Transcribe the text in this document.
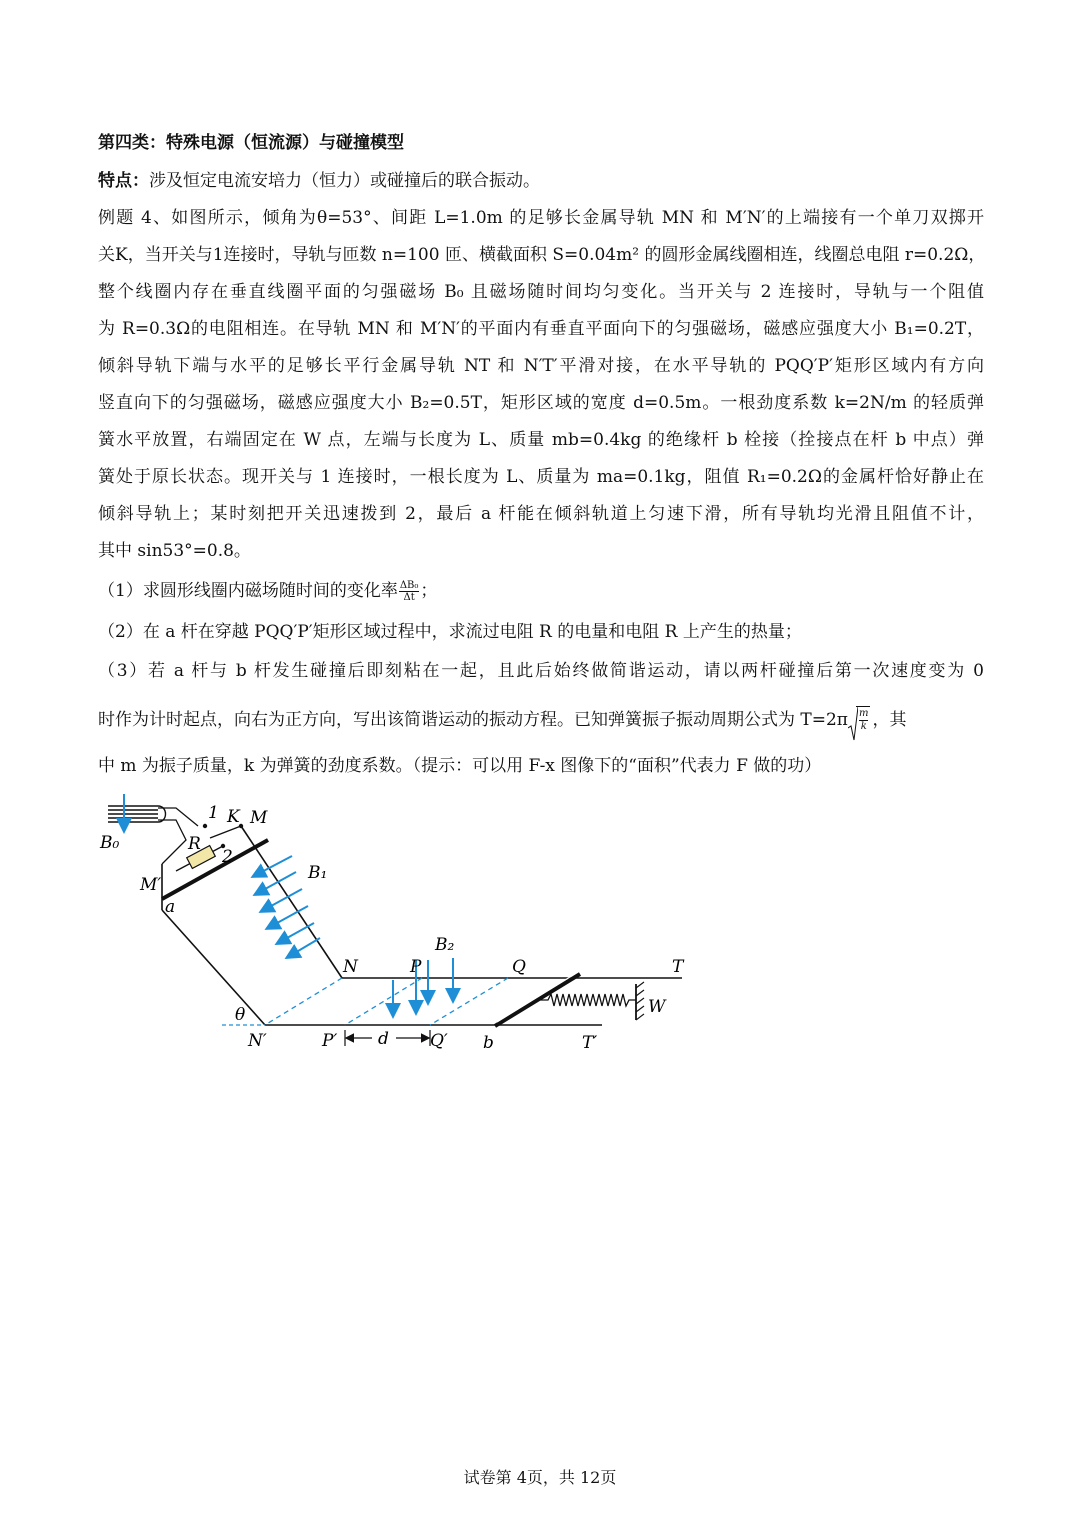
第四类：特殊电源（恒流源）与碰撞模型
特点：涉及恒定电流安培力（恒力）或碰撞后的联合振动。
例题 4、如图所示，倾角为θ=53°、间距 L=1.0m 的足够长金属导轨 MN 和 M′N′的上端接有一个单刀双掷开
关K，当开关与1连接时，导轨与匝数 n=100 匝、横截面积 S=0.04m² 的圆形金属线圈相连，线圈总电阻 r=0.2Ω，
整个线圈内存在垂直线圈平面的匀强磁场 B₀ 且磁场随时间均匀变化。当开关与 2 连接时，导轨与一个阻值
为 R=0.3Ω的电阻相连。在导轨 MN 和 M′N′的平面内有垂直平面向下的匀强磁场，磁感应强度大小 B₁=0.2T，
倾斜导轨下端与水平的足够长平行金属导轨 NT 和 N′T′平滑对接，在水平导轨的 PQQ′P′矩形区域内有方向
竖直向下的匀强磁场，磁感应强度大小 B₂=0.5T，矩形区域的宽度 d=0.5m。一根劲度系数 k=2N/m 的轻质弹
簧水平放置，右端固定在 W 点，左端与长度为 L、质量 mb=0.4kg 的绝缘杆 b 栓接（拴接点在杆 b 中点）弹
簧处于原长状态。现开关与 1 连接时，一根长度为 L、质量为 ma=0.1kg，阻值 R₁=0.2Ω的金属杆恰好静止在
倾斜导轨上；某时刻把开关迅速拨到 2，最后 a 杆能在倾斜轨道上匀速下滑，所有导轨均光滑且阻值不计，
其中 sin53°=0.8。
（1）求圆形线圈内磁场随时间的变化率 $\frac{\text{ΔB₀}}{\Delta t}$ ；
（2）在 a 杆在穿越 PQQ′P′矩形区域过程中，求流过电阻 R 的电量和电阻 R 上产生的热量；
（3）若 a 杆与 b 杆发生碰撞后即刻粘在一起，且此后始终做简谐运动，请以两杆碰撞后第一次速度变为 0
时作为计时起点，向右为正方向，写出该简谐运动的振动方程。已知弹簧振子振动周期公式为 $T=2\pi \frac{m}{k}$ ，其
中 m 为振子质量，k 为弹簧的劲度系数。（提示：可以用 F-x 图像下的“面积”代表力 F 做的功）
B₀
1 K M
R
2
M′
a
B₁
B₂
N	P	Q	T
W
θ
N′	P′ d Q′ b	T′
试卷第 4页，共 12页
